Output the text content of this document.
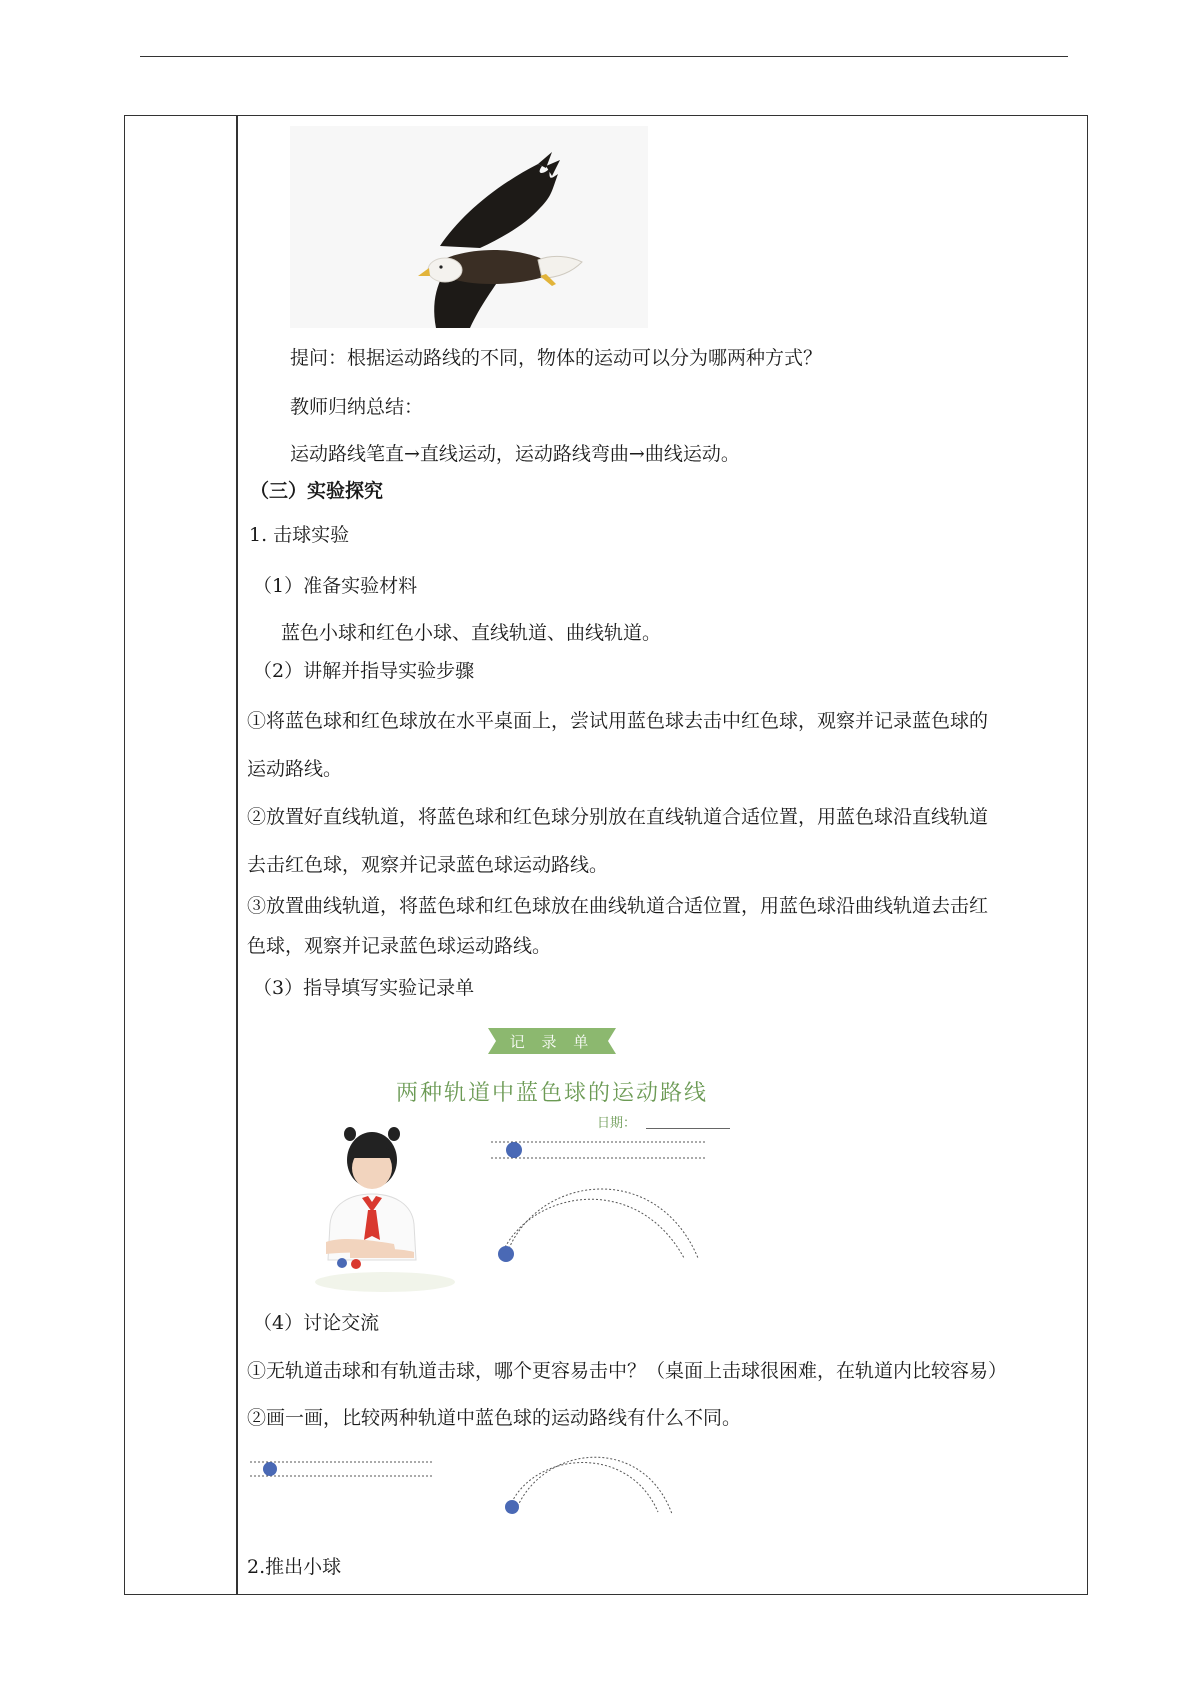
提问：根据运动路线的不同，物体的运动可以分为哪两种方式？
教师归纳总结：
运动路线笔直→直线运动，运动路线弯曲→曲线运动。
（三）实验探究
1. 击球实验
（1）准备实验材料
蓝色小球和红色小球、直线轨道、曲线轨道。
（2）讲解并指导实验步骤
①将蓝色球和红色球放在水平桌面上，尝试用蓝色球去击中红色球，观察并记录蓝色球的
运动路线。
②放置好直线轨道，将蓝色球和红色球分别放在直线轨道合适位置，用蓝色球沿直线轨道
去击红色球，观察并记录蓝色球运动路线。
③放置曲线轨道，将蓝色球和红色球放在曲线轨道合适位置，用蓝色球沿曲线轨道去击红
色球，观察并记录蓝色球运动路线。
（3）指导填写实验记录单
记 录 单
两种轨道中蓝色球的运动路线
日期：
（4）讨论交流
①无轨道击球和有轨道击球，哪个更容易击中？（桌面上击球很困难，在轨道内比较容易）
②画一画，比较两种轨道中蓝色球的运动路线有什么不同。
2.推出小球
